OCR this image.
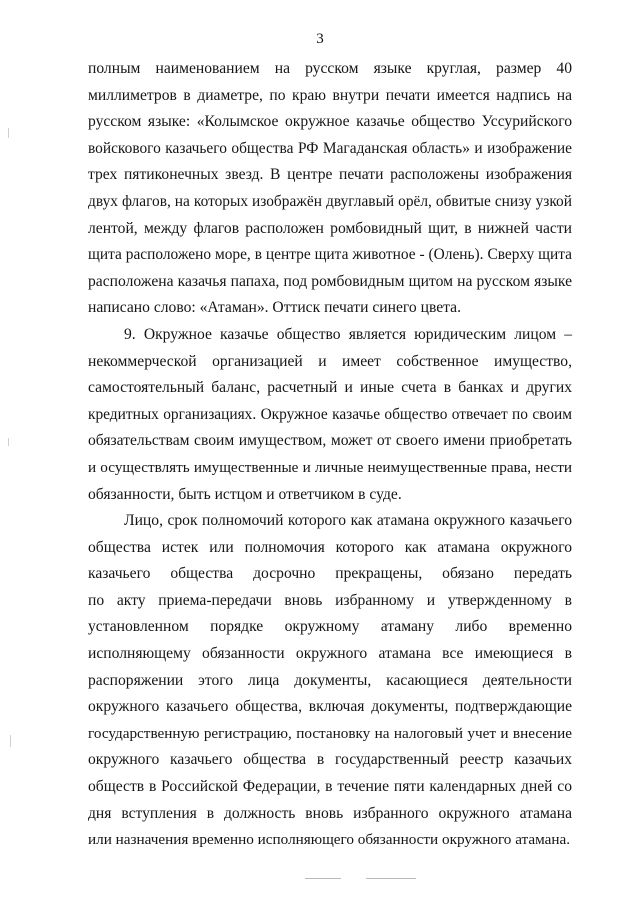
3
полным наименованием на русском языке круглая, размер 40
миллиметров в диаметре, по краю внутри печати имеется надпись на
русском языке: «Колымское окружное казачье общество Уссурийского
войскового казачьего общества РФ Магаданская область» и изображение
трех пятиконечных звезд. В центре печати расположены изображения
двух флагов, на которых изображён двуглавый орёл, обвитые снизу узкой
лентой, между флагов расположен ромбовидный щит, в нижней части
щита расположено море, в центре щита животное - (Олень). Сверху щита
расположена казачья папаха, под ромбовидным щитом на русском языке
написано слово: «Атаман». Оттиск печати синего цвета.
9. Окружное казачье общество является юридическим лицом –
некоммерческой организацией и имеет собственное имущество,
самостоятельный баланс, расчетный и иные счета в банках и других
кредитных организациях. Окружное казачье общество отвечает по своим
обязательствам своим имуществом, может от своего имени приобретать
и осуществлять имущественные и личные неимущественные права, нести
обязанности, быть истцом и ответчиком в суде.
Лицо, срок полномочий которого как атамана окружного казачьего
общества истек или полномочия которого как атамана окружного
казачьего общества досрочно прекращены, обязано передать
по акту приема-передачи вновь избранному и утвержденному в
установленном порядке окружному атаману либо временно
исполняющему обязанности окружного атамана все имеющиеся в
распоряжении этого лица документы, касающиеся деятельности
окружного казачьего общества, включая документы, подтверждающие
государственную регистрацию, постановку на налоговый учет и внесение
окружного казачьего общества в государственный реестр казачьих
обществ в Российской Федерации, в течение пяти календарных дней со
дня вступления в должность вновь избранного окружного атамана
или назначения временно исполняющего обязанности окружного атамана.
